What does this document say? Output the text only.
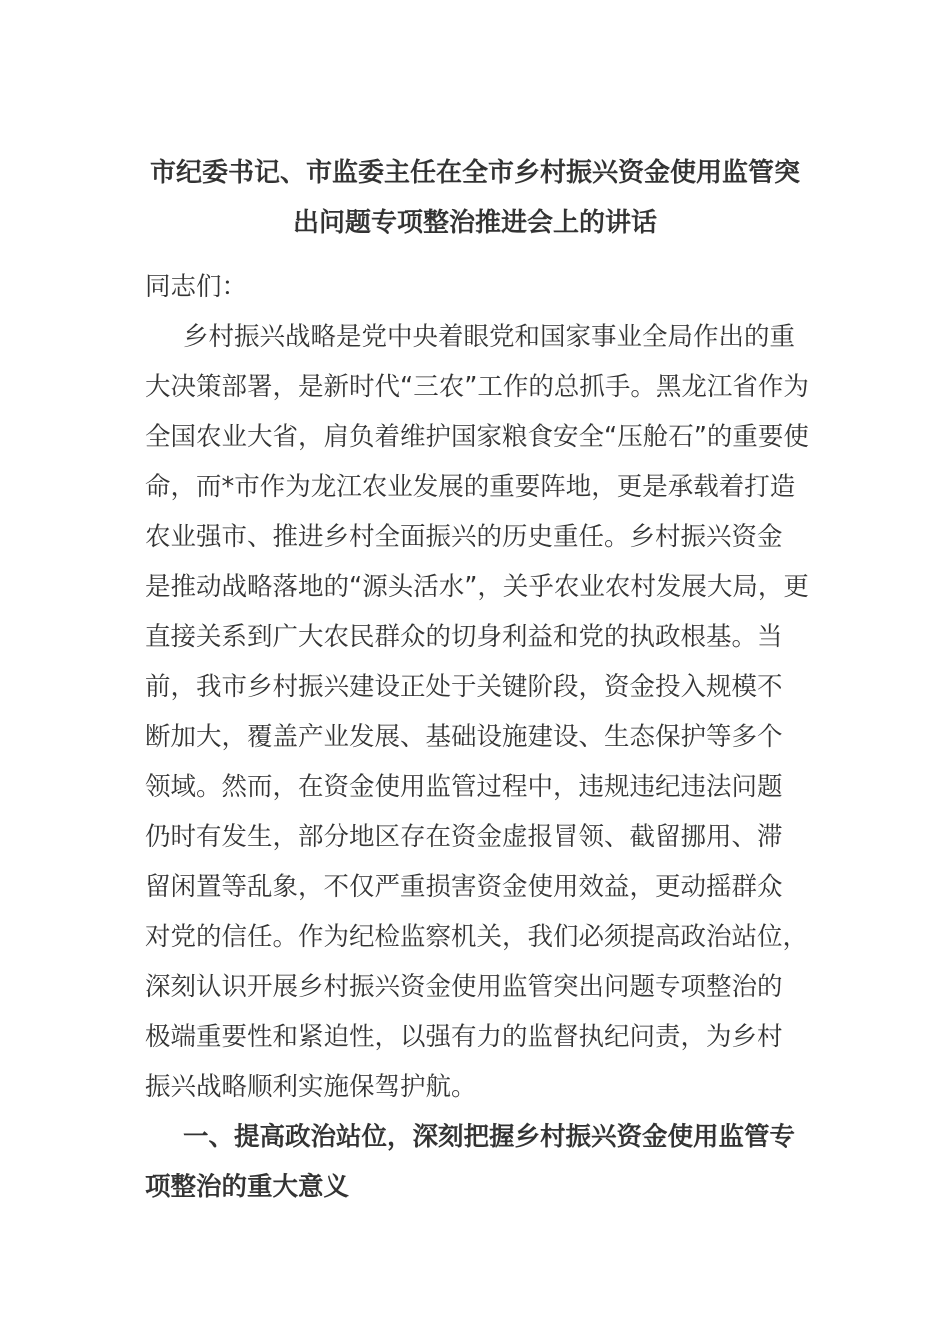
市纪委书记、市监委主任在全市乡村振兴资金使用监管突
出问题专项整治推进会上的讲话
同志们：
乡村振兴战略是党中央着眼党和国家事业全局作出的重
大决策部署，是新时代“三农”工作的总抓手。黑龙江省作为
全国农业大省，肩负着维护国家粮食安全“压舱石”的重要使
命，而*市作为龙江农业发展的重要阵地，更是承载着打造
农业强市、推进乡村全面振兴的历史重任。乡村振兴资金
是推动战略落地的“源头活水”，关乎农业农村发展大局，更
直接关系到广大农民群众的切身利益和党的执政根基。当
前，我市乡村振兴建设正处于关键阶段，资金投入规模不
断加大，覆盖产业发展、基础设施建设、生态保护等多个
领域。然而，在资金使用监管过程中，违规违纪违法问题
仍时有发生，部分地区存在资金虚报冒领、截留挪用、滞
留闲置等乱象，不仅严重损害资金使用效益，更动摇群众
对党的信任。作为纪检监察机关，我们必须提高政治站位，
深刻认识开展乡村振兴资金使用监管突出问题专项整治的
极端重要性和紧迫性，以强有力的监督执纪问责，为乡村
振兴战略顺利实施保驾护航。
一、提高政治站位，深刻把握乡村振兴资金使用监管专
项整治的重大意义
